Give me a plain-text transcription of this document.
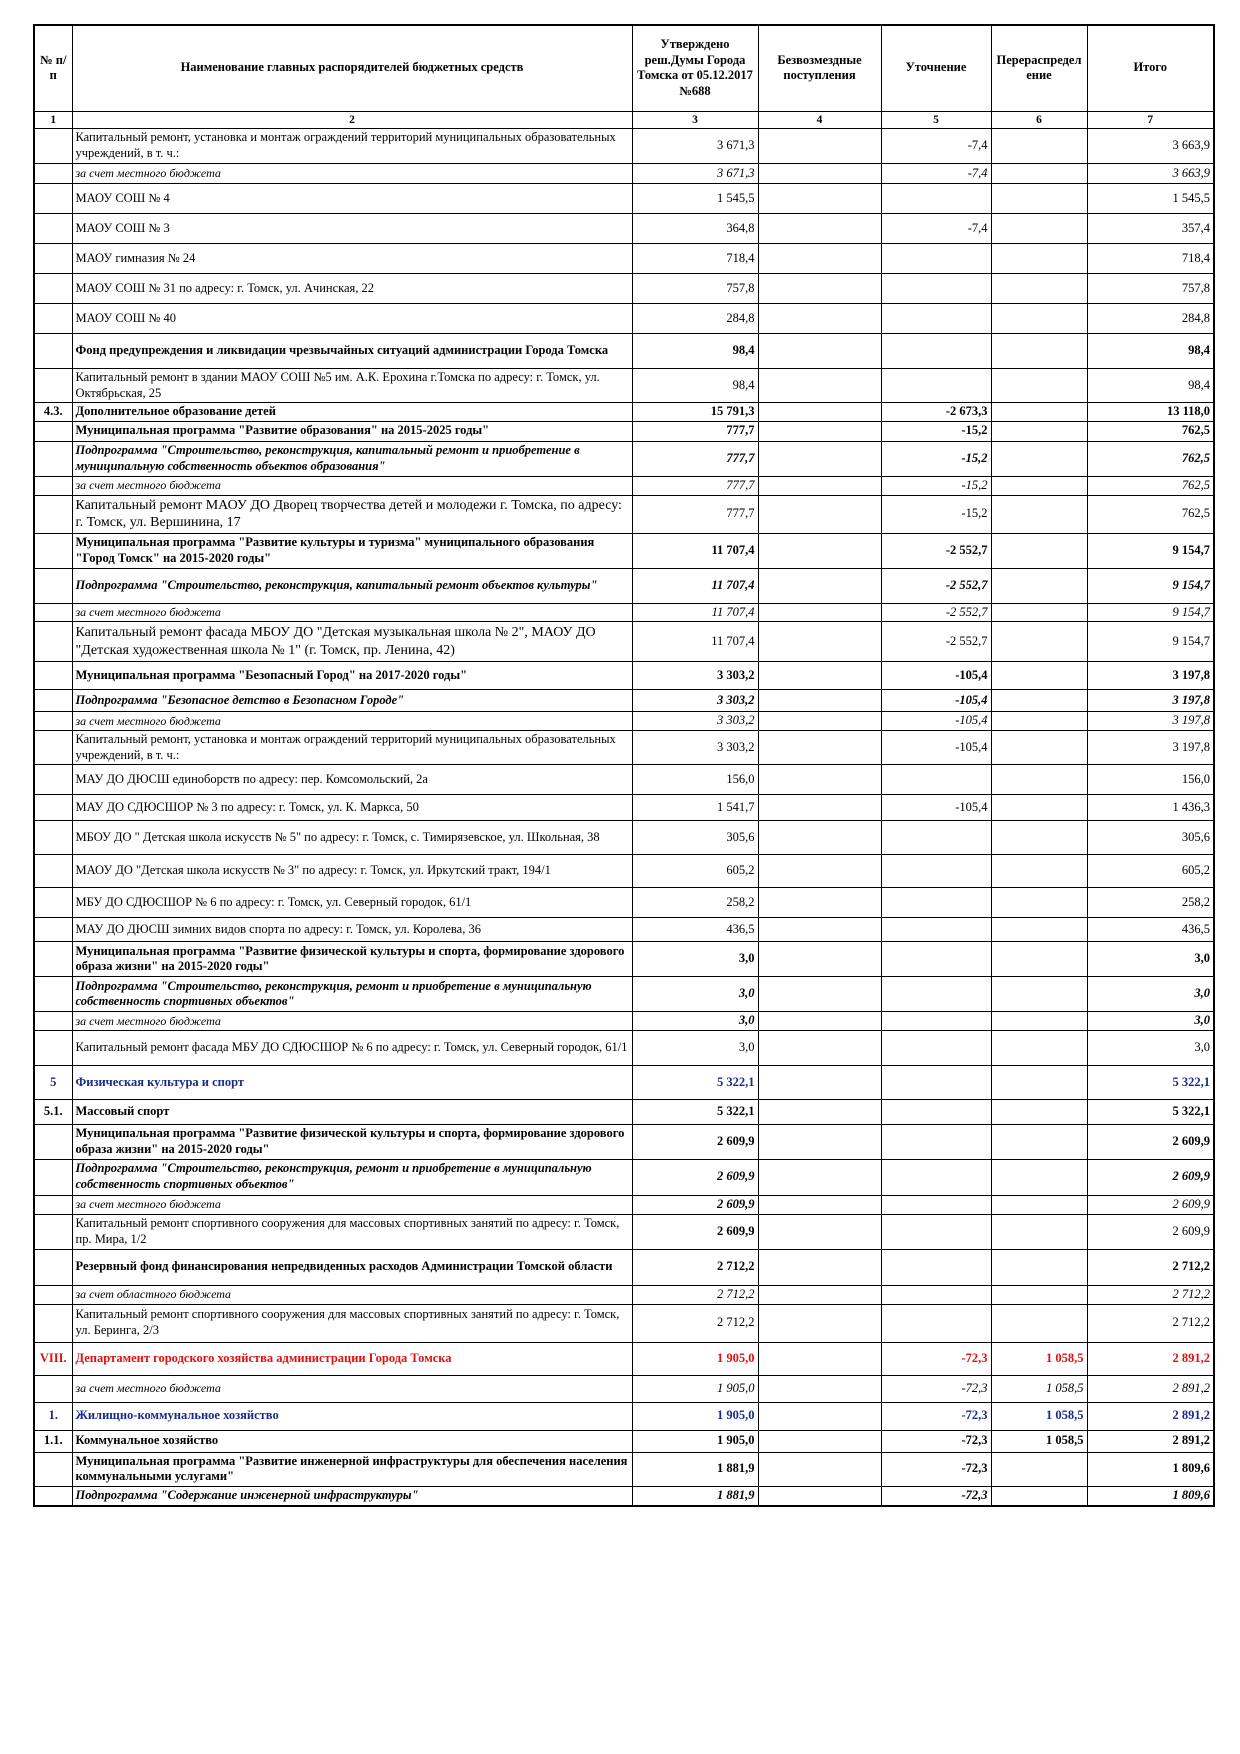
№ п/п	Наименование главных распорядителей бюджетных средств	Утверждено реш.Думы Города Томска от 05.12.2017 №688	Безвозмездные поступления	Уточнение	Перераспредел ение	Итого
1	2	3	4	5	6	7
	Капитальный ремонт, установка и монтаж ограждений территорий муниципальных образовательных учреждений, в т. ч.:	3 671,3		-7,4		3 663,9
	за счет местного бюджета	3 671,3		-7,4		3 663,9
	МАОУ СОШ № 4	1 545,5				1 545,5
	МАОУ СОШ № 3	364,8		-7,4		357,4
	МАОУ гимназия № 24	718,4				718,4
	МАОУ СОШ № 31 по адресу: г. Томск, ул. Ачинская, 22	757,8				757,8
	МАОУ СОШ № 40	284,8				284,8
	Фонд предупреждения и ликвидации чрезвычайных ситуаций администрации Города Томска	98,4				98,4
	Капитальный ремонт в здании МАОУ СОШ №5 им. А.К. Ерохина г.Томска по адресу: г. Томск, ул. Октябрьская, 25	98,4				98,4
4.3.	Дополнительное образование детей	15 791,3		-2 673,3		13 118,0
	Муниципальная программа "Развитие образования" на 2015-2025 годы"	777,7		-15,2		762,5
	Подпрограмма "Строительство, реконструкция, капитальный ремонт и приобретение в муниципальную собственность объектов образования"	777,7		-15,2		762,5
	за счет местного бюджета	777,7		-15,2		762,5
	Капитальный ремонт МАОУ ДО Дворец творчества детей и молодежи г. Томска, по адресу: г. Томск, ул. Вершинина, 17	777,7		-15,2		762,5
	Муниципальная программа "Развитие культуры и туризма" муниципального образования "Город Томск" на 2015-2020 годы"	11 707,4		-2 552,7		9 154,7
	Подпрограмма "Строительство, реконструкция, капитальный ремонт объектов культуры"	11 707,4		-2 552,7		9 154,7
	за счет местного бюджета	11 707,4		-2 552,7		9 154,7
	Капитальный ремонт фасада МБОУ ДО "Детская музыкальная школа № 2", МАОУ ДО "Детская художественная школа № 1" (г. Томск, пр. Ленина, 42)	11 707,4		-2 552,7		9 154,7
	Муниципальная программа "Безопасный Город" на 2017-2020 годы"	3 303,2		-105,4		3 197,8
	Подпрограмма "Безопасное детство в Безопасном Городе"	3 303,2		-105,4		3 197,8
	за счет местного бюджета	3 303,2		-105,4		3 197,8
	Капитальный ремонт, установка и монтаж ограждений территорий муниципальных образовательных учреждений, в т. ч.:	3 303,2		-105,4		3 197,8
	МАУ ДО ДЮСШ единоборств по адресу: пер. Комсомольский, 2а	156,0				156,0
	МАУ ДО СДЮСШОР № 3 по адресу: г. Томск, ул. К. Маркса, 50	1 541,7		-105,4		1 436,3
	МБОУ ДО " Детская школа искусств № 5" по адресу: г. Томск, с. Тимирязевское, ул. Школьная, 38	305,6				305,6
	МАОУ ДО "Детская школа искусств № 3" по адресу: г. Томск, ул. Иркутский тракт, 194/1	605,2				605,2
	МБУ ДО СДЮСШОР № 6 по адресу: г. Томск, ул. Северный городок, 61/1	258,2				258,2
	МАУ ДО ДЮСШ зимних видов спорта по адресу: г. Томск, ул. Королева, 36	436,5				436,5
	Муниципальная программа "Развитие физической культуры и спорта, формирование здорового образа жизни" на 2015-2020 годы"	3,0				3,0
	Подпрограмма "Строительство, реконструкция, ремонт и приобретение в муниципальную собственность спортивных объектов"	3,0				3,0
	за счет местного бюджета	3,0				3,0
	Капитальный ремонт фасада МБУ ДО СДЮСШОР № 6 по адресу: г. Томск, ул. Северный городок, 61/1	3,0				3,0
5	Физическая культура и спорт	5 322,1				5 322,1
5.1.	Массовый спорт	5 322,1				5 322,1
	Муниципальная программа "Развитие физической культуры и спорта, формирование здорового образа жизни" на 2015-2020 годы"	2 609,9				2 609,9
	Подпрограмма "Строительство, реконструкция, ремонт и приобретение в муниципальную собственность спортивных объектов"	2 609,9				2 609,9
	за счет местного бюджета	2 609,9				2 609,9
	Капитальный ремонт спортивного сооружения для массовых спортивных занятий по адресу: г. Томск, пр. Мира, 1/2	2 609,9				2 609,9
	Резервный фонд финансирования непредвиденных расходов Администрации Томской области	2 712,2				2 712,2
	за счет областного бюджета	2 712,2				2 712,2
	Капитальный ремонт спортивного сооружения для массовых спортивных занятий по адресу: г. Томск, ул. Беринга, 2/3	2 712,2				2 712,2
VIII.	Департамент городского хозяйства администрации Города Томска	1 905,0		-72,3	1 058,5	2 891,2
	за счет местного бюджета	1 905,0		-72,3	1 058,5	2 891,2
1.	Жилищно-коммунальное хозяйство	1 905,0		-72,3	1 058,5	2 891,2
1.1.	Коммунальное хозяйство	1 905,0		-72,3	1 058,5	2 891,2
	Муниципальная программа "Развитие инженерной инфраструктуры для обеспечения населения коммунальными услугами"	1 881,9		-72,3		1 809,6
	Подпрограмма "Содержание инженерной инфраструктуры"	1 881,9		-72,3		1 809,6
